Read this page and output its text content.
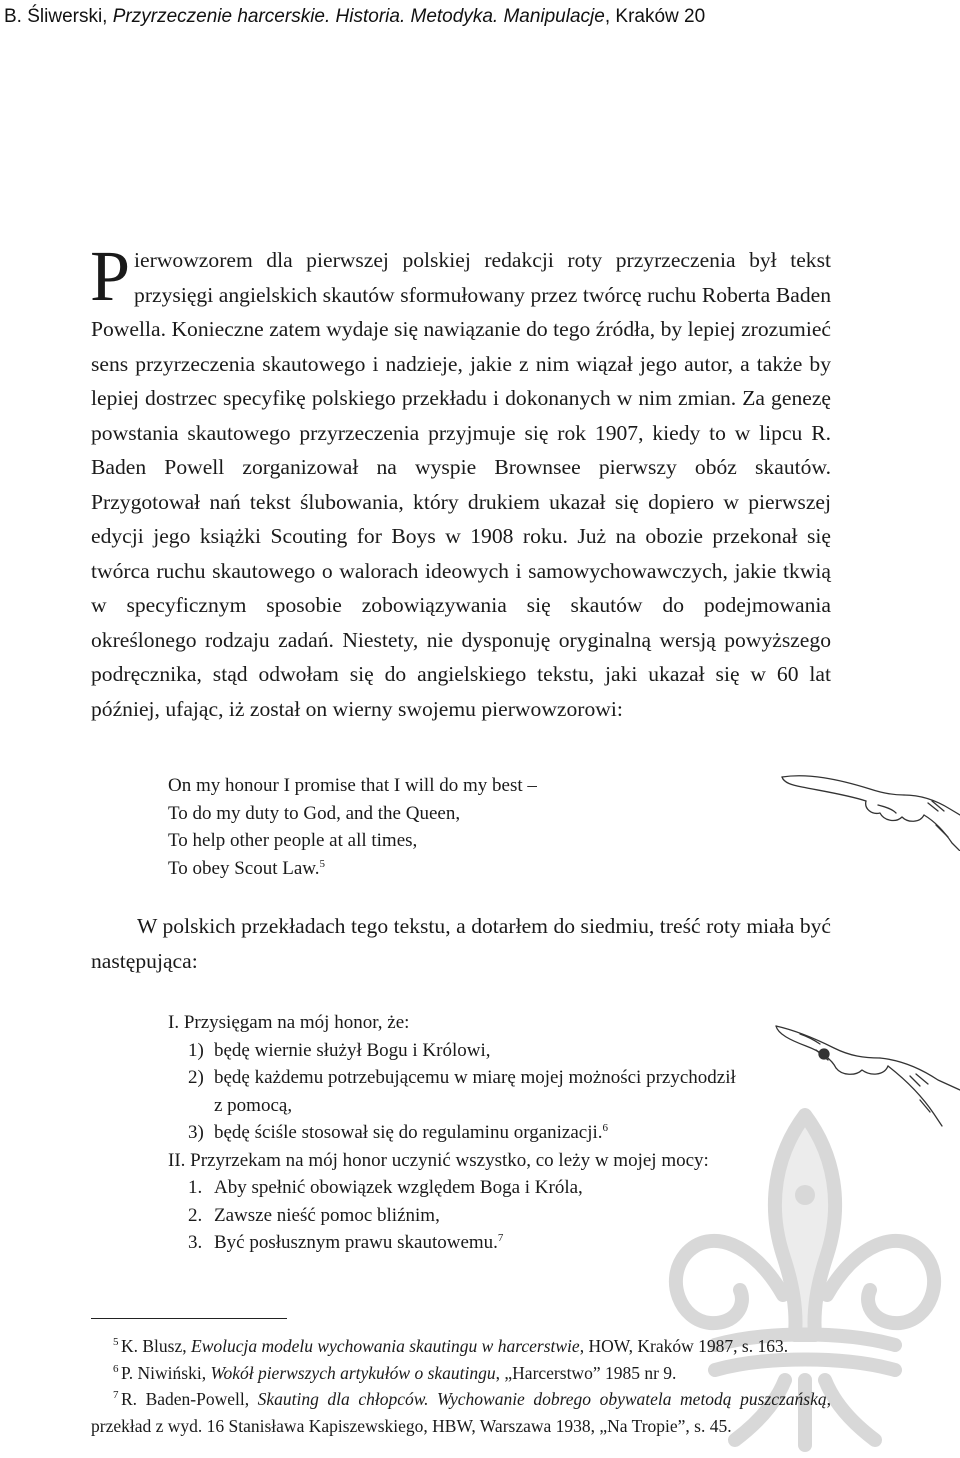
B. Śliwerski, Przyrzeczenie harcerskie. Historia. Metodyka. Manipulacje, Kraków 20

Pierwowzorem dla pierwszej polskiej redakcji roty przyrzeczenia był tekst przysięgi angielskich skautów sformułowany przez twórcę ruchu Roberta Baden Powella. Konieczne zatem wydaje się nawiązanie do tego źródła, by lepiej zrozumieć sens przyrzeczenia skautowego i nadzieje, jakie z nim wiązał jego autor, a także by lepiej dostrzec specyfikę polskiego przekładu i dokonanych w nim zmian. Za genezę powstania skautowego przyrzeczenia przyjmuje się rok 1907, kiedy to w lipcu R. Baden Powell zorganizował na wyspie Brownsee pierwszy obóz skautów. Przygotował nań tekst ślubowania, który drukiem ukazał się dopiero w pierwszej edycji jego książki Scouting for Boys w 1908 roku. Już na obozie przekonał się twórca ruchu skautowego o walorach ideowych i samowychowawczych, jakie tkwią w specyficznym sposobie zobowiązywania się skautów do podejmowania określonego rodzaju zadań. Niestety, nie dysponuję oryginalną wersją powyższego podręcznika, stąd odwołam się do angielskiego tekstu, jaki ukazał się w 60 lat później, ufając, iż został on wierny swojemu pierwowzorowi:

On my honour I promise that I will do my best –
To do my duty to God, and the Queen,
To help other people at all times,
To obey Scout Law.$^5$
W polskich przekładach tego tekstu, a dotarłem do siedmiu, treść roty miała być następująca:
I. Przysięgam na mój honor, że:
1) będę wiernie służył Bogu i Królowi,
2) będę każdemu potrzebującemu w miarę mojej możności przychodził
z pomocą,
3) będę ściśle stosował się do regulaminu organizacji.$^6$
II. Przyrzekam na mój honor uczynić wszystko, co leży w mojej mocy:
1. Aby spełnić obowiązek względem Boga i Króla,
2. Zawsze nieść pomoc bliźnim,
3. Być posłusznym prawu skautowemu.$^7$
5 K. Blusz, Ewolucja modelu wychowania skautingu w harcerstwie, HOW, Kraków 1987, s. 163.
6 P. Niwiński, Wokół pierwszych artykułów o skautingu, „Harcerstwo” 1985 nr 9.
7 R. Baden-Powell, Skauting dla chłopców. Wychowanie dobrego obywatela metodą puszczańską, przekład z wyd. 16 Stanisława Kapiszewskiego, HBW, Warszawa 1938, „Na Tropie”, s. 45.
